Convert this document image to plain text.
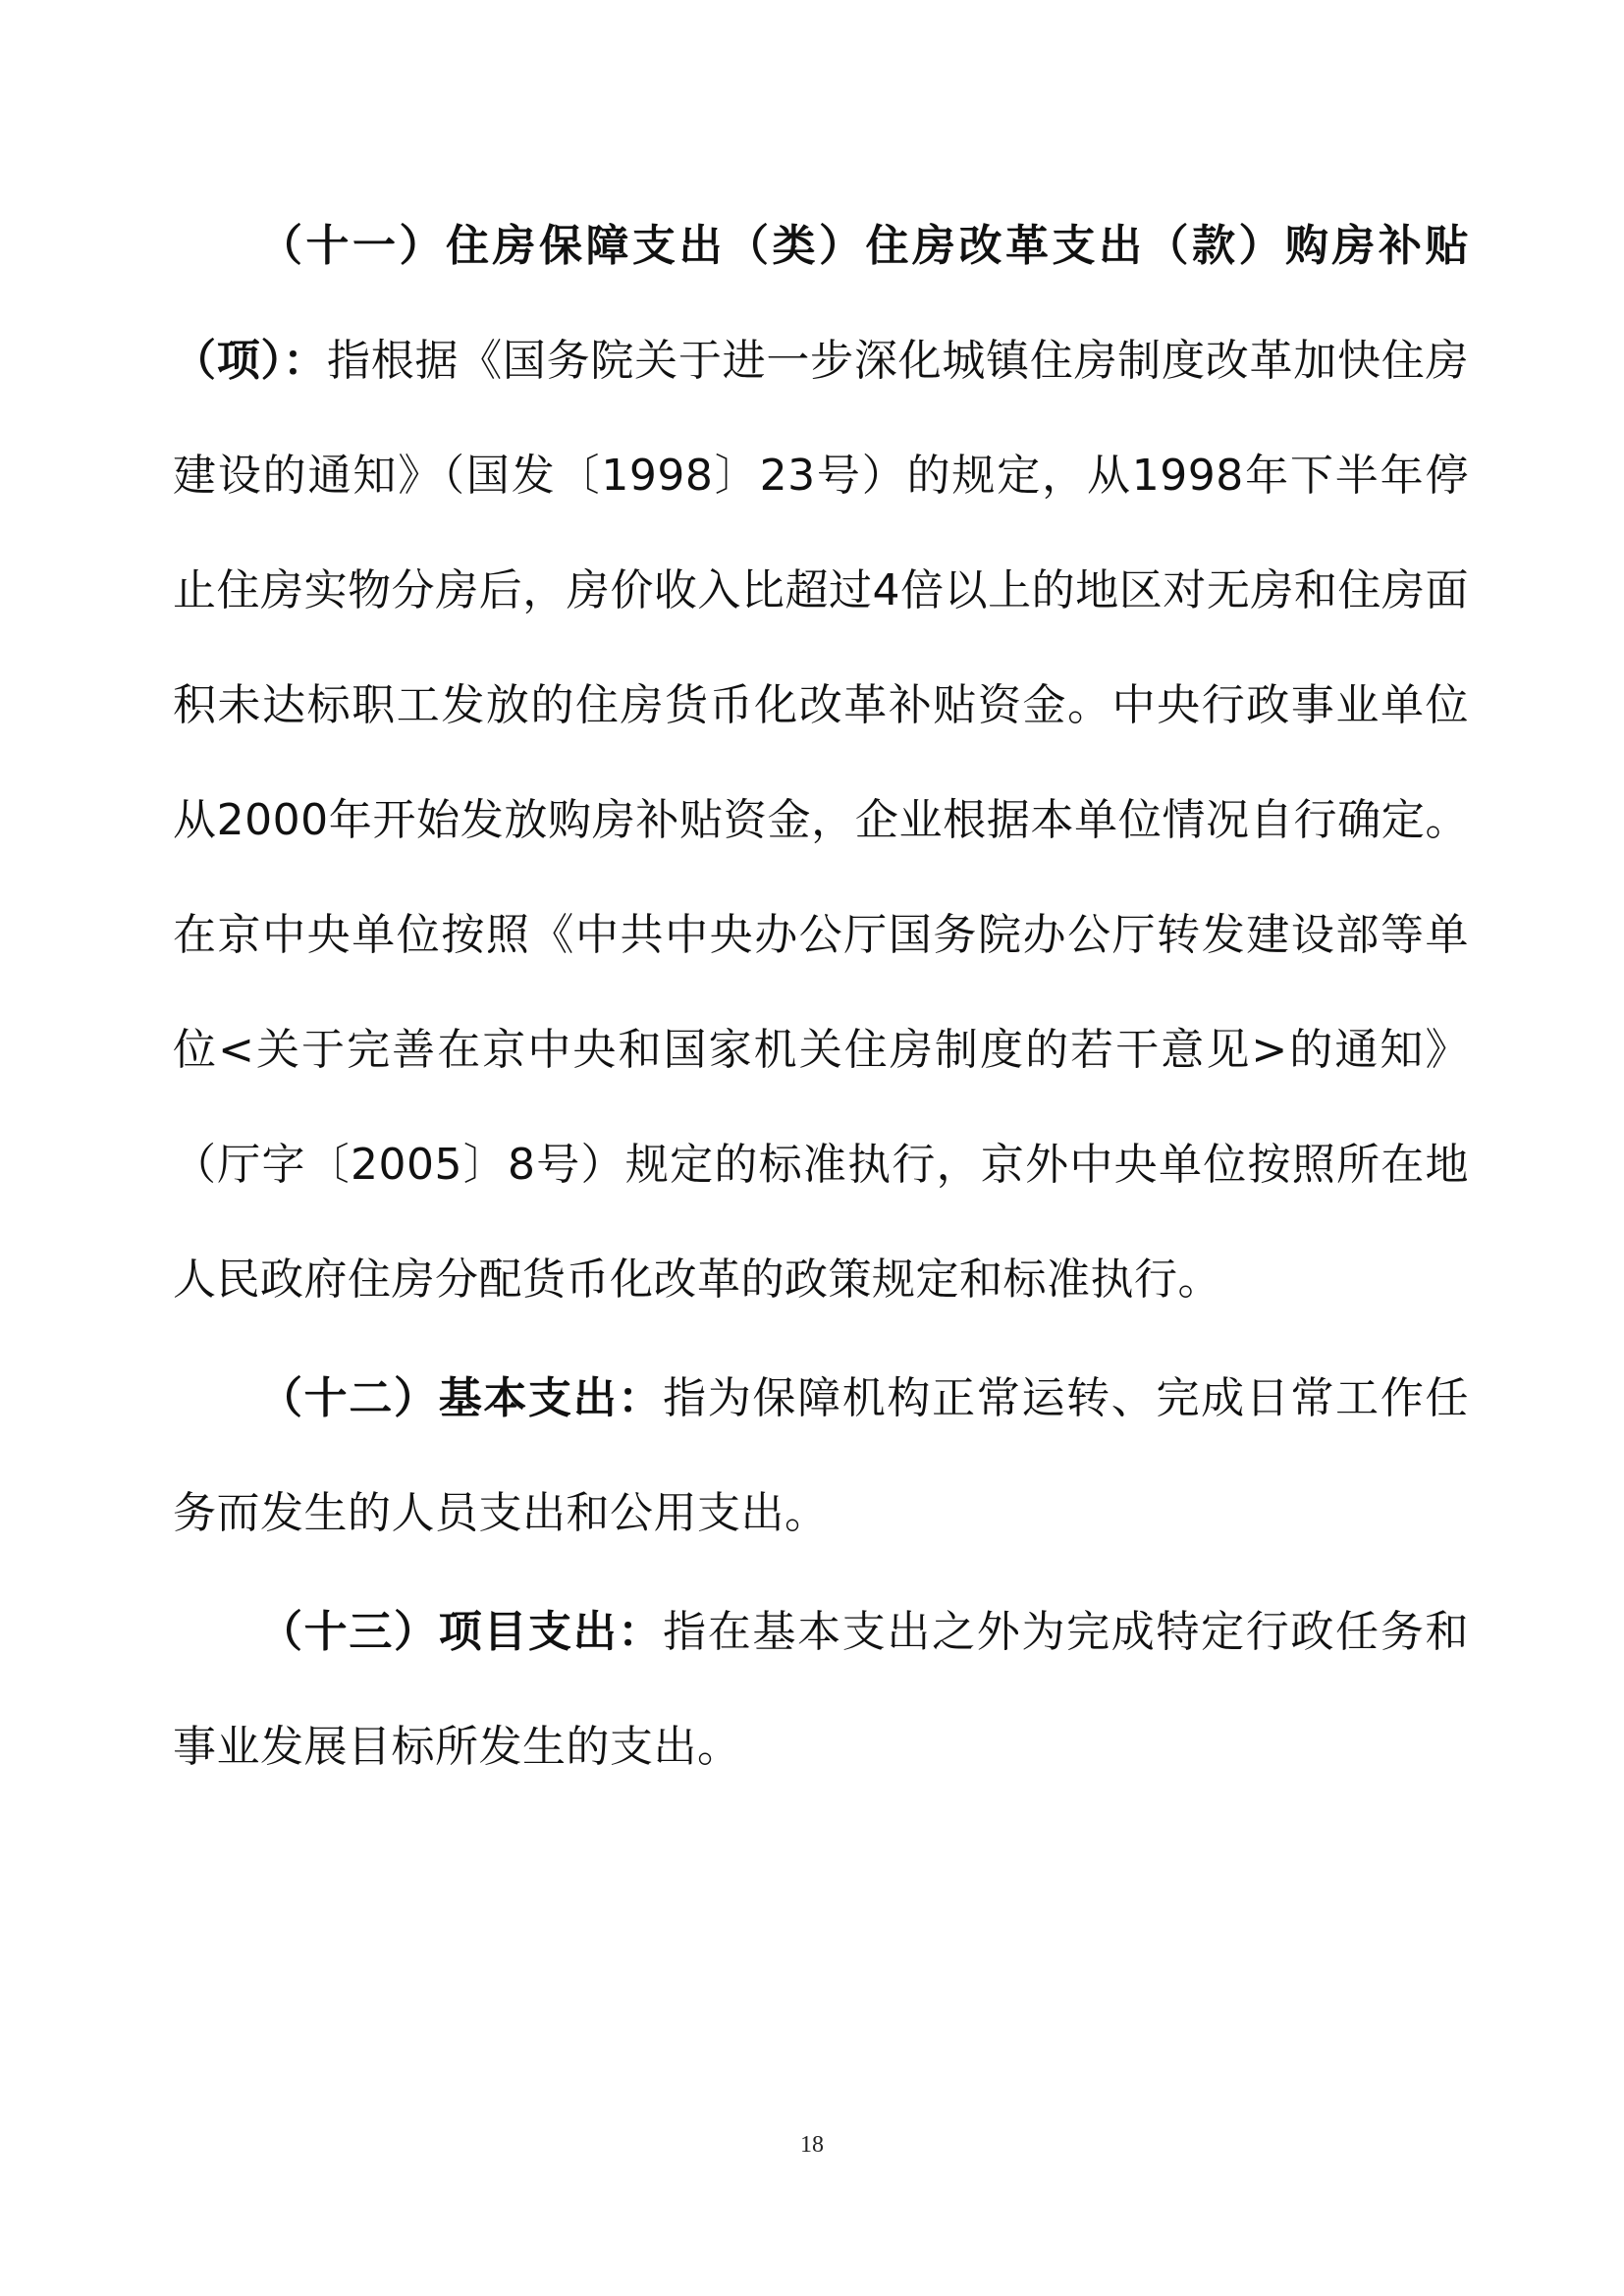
（十一）住房保障支出（类）住房改革支出（款）购房补贴（项）：指根据《国务院关于进一步深化城镇住房制度改革加快住房建设的通知》（国发〔1998〕23号）的规定，从1998年下半年停止住房实物分房后，房价收入比超过4倍以上的地区对无房和住房面积未达标职工发放的住房货币化改革补贴资金。中央行政事业单位从2000年开始发放购房补贴资金，企业根据本单位情况自行确定。在京中央单位按照《中共中央办公厅国务院办公厅转发建设部等单位<关于完善在京中央和国家机关住房制度的若干意见>的通知》（厅字〔2005〕8号）规定的标准执行，京外中央单位按照所在地人民政府住房分配货币化改革的政策规定和标准执行。

（十二）基本支出：指为保障机构正常运转、完成日常工作任务而发生的人员支出和公用支出。

（十三）项目支出：指在基本支出之外为完成特定行政任务和事业发展目标所发生的支出。

18
